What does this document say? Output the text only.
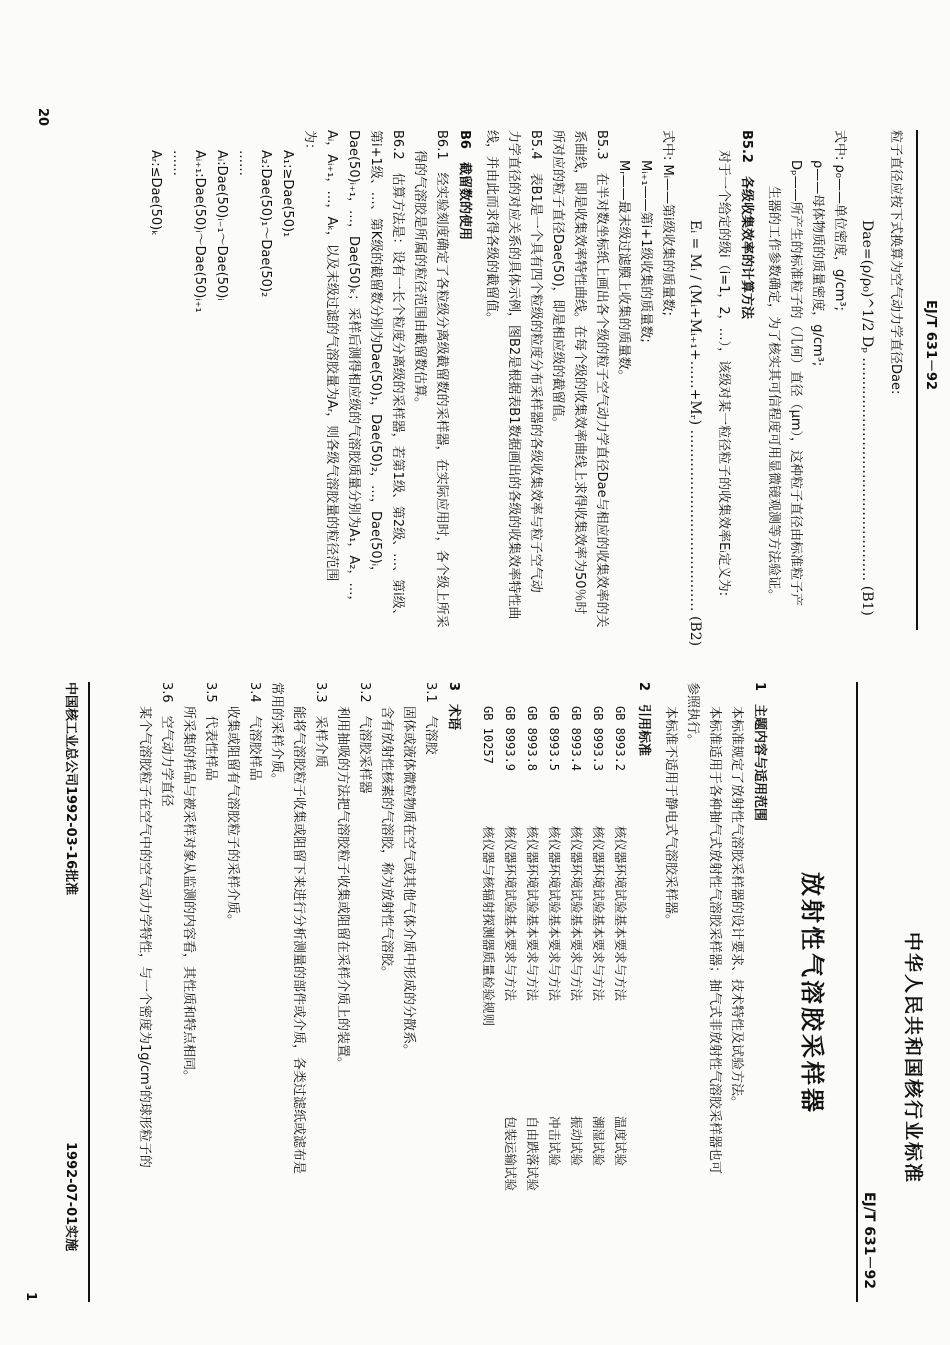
EJ/T 631－92
粒子直径应按下式换算为空气动力学直径Dae:
Dae=(ρ/ρ₀)^1/2 Dₚ ………………………………………… (B1)
式中: ρ₀——单位密度，g/cm³;
ρ——母体物质的质量密度，g/cm³;
Dₚ——所产生的标准粒子的（几何）直径（μm），这种粒子直径由标准粒子产
生器的工作参数确定，为了核实其可信程度可用显微镜观测等方法验证。
B5.2　各级收集效率的计算方法
对于一个给定的级i（i=1，2，…），该级对某一粒径粒子的收集效率Eᵢ定义为:
Eᵢ = Mᵢ / (Mᵢ+Mᵢ₊₁+……+Mᵣ) ………………………………… (B2)
式中: Mᵢ——第i级收集的质量数;
Mᵢ₊₁——第i+1级收集的质量数;
Mᵣ——最末级过滤膜上收集的质量数。
B5.3　在半对数坐标纸上画出各个级的粒子空气动力学直径Dae与相应的收集效率的关
系曲线，即是收集效率特性曲线。在每个级的收集效率曲线上求得收集效率为50％时
所对应的粒子直径Dae(50)，即是相应级的截留值。
B5.4　表B1是一个具有四个粒级的粒度分布采样器的各级收集效率与粒子空气动
力学直径的对应关系的具体示例，图B2是根据表B1数据画出的各级的收集效率特性曲
线，并由此而求得各级的截留值。
B6　截留数的使用
B6.1　经实验刻度确定了各粒级分离级截留数的采样器，在实际应用时，各个级上所采
得的气溶胶是所属的粒径范围由截留数估算。
B6.2　估算方法是：设有一长个粒度分离级的采样器，若第1级、第2级、…、第i级、
第i+1级、…、第K级的截留数分别为Dae(50)₁，Dae(50)₂，…，Dae(50)ᵢ，
Dae(50)ᵢ₊₁，…，Dae(50)ₖ；采样后测得相应级的气溶胶质量分别为A₁，A₂，…，
Aᵢ，Aᵢ₊₁，…，Aₖ，以及末级过滤的气溶胶量为Aᵣ，则各级气溶胶量的粒径范围
为：
A₁:≥Dae(50)₁
A₂:Dae(50)₁～Dae(50)₂
……
Aᵢ:Dae(50)ᵢ₋₁～Dae(50)ᵢ
Aᵢ₊₁:Dae(50)ᵢ～Dae(50)ᵢ₊₁
……
Aᵣ:≤Dae(50)ₖ
20
中华人民共和国核行业标准
EJ/T 631－92
放射性气溶胶采样器
1　主题内容与适用范围
本标准规定了放射性气溶胶采样器的设计要求、技术特性及试验方法。
本标准适用于各种抽气式放射性气溶胶采样器；抽气式非放射性气溶胶采样器也可
参照执行。
本标准不适用于静电式气溶胶采样器。
2　引用标准
GB 8993.2
核仪器环境试验基本要求与方法
温度试验
GB 8993.3
核仪器环境试验基本要求与方法
潮湿试验
GB 8993.4
核仪器环境试验基本要求与方法
振动试验
GB 8993.5
核仪器环境试验基本要求与方法
冲击试验
GB 8993.8
核仪器环境试验基本要求与方法
自由跌落试验
GB 8993.9
核仪器环境试验基本要求与方法
包装运输试验
GB 10257
核仪器与核辐射探测器质量检验规则
3　术语
3.1　气溶胶
固体或液体微粒物质在空气或其他气体介质中形成的分散系。
含有放射性核素的气溶胶，称为放射性气溶胶。
3.2　气溶胶采样器
利用抽吸的方法把气溶胶粒子收集或阻留在采样介质上的装置。
3.3　采样介质
能将气溶胶粒子收集或阻留下来进行分析测量的部件或介质，各类过滤纸或滤布是
常用的采样介质。
3.4　气溶胶样品
收集或阻留有气溶胶粒子的采样介质。
3.5　代表性样品
所采集的样品与被采样对象从监测的内容看，其性质和特点相同。
3.6　空气动力学直径
某个气溶胶粒子在空气中的空气动力学特性，与一个密度为1g/cm³的球形粒子的
中国核工业总公司1992-03-16批准
1992-07-01实施
1
